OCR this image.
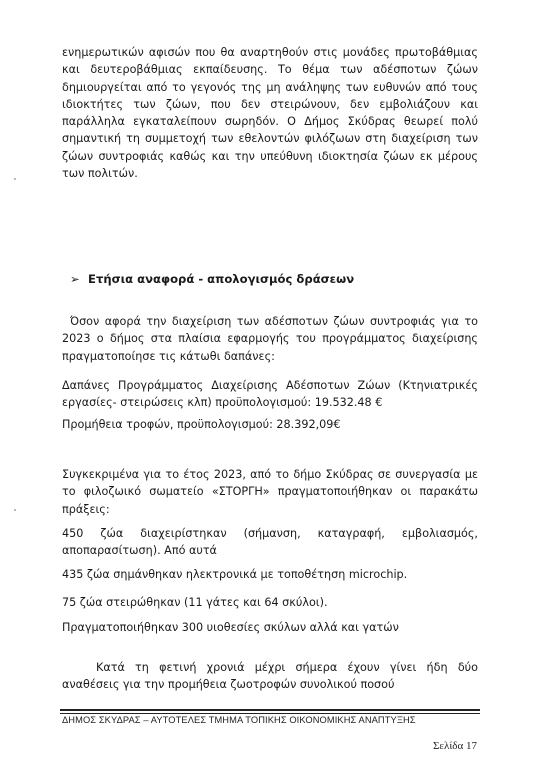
ενημερωτικών αφισών που θα αναρτηθούν στις μονάδες πρωτοβάθμιας και δευτεροβάθμιας εκπαίδευσης. Το θέμα των αδέσποτων ζώων δημιουργείται από το γεγονός της μη ανάληψης των ευθυνών από τους ιδιοκτήτες των ζώων, που δεν στειρώνουν, δεν εμβολιάζουν και παράλληλα εγκαταλείπουν σωρηδόν. Ο Δήμος Σκύδρας θεωρεί πολύ σημαντική τη συμμετοχή των εθελοντών φιλόζωων στη διαχείριση των ζώων συντροφιάς καθώς και την υπεύθυνη ιδιοκτησία ζώων εκ μέρους των πολιτών.

➢ Ετήσια αναφορά - απολογισμός δράσεων

Όσον αφορά την διαχείριση των αδέσποτων ζώων συντροφιάς για το 2023 ο δήμος στα πλαίσια εφαρμογής του προγράμματος διαχείρισης πραγματοποίησε τις κάτωθι δαπάνες:

Δαπάνες Προγράμματος Διαχείρισης Αδέσποτων Ζώων (Κτηνιατρικές εργασίες- στειρώσεις κλπ) προϋπολογισμού: 19.532.48 €

Προμήθεια τροφών, προϋπολογισμού: 28.392,09€

Συγκεκριμένα για το έτος 2023, από το δήμο Σκύδρας σε συνεργασία με το φιλοζωικό σωματείο «ΣΤΟΡΓΗ» πραγματοποιήθηκαν οι παρακάτω πράξεις:

450 ζώα διαχειρίστηκαν (σήμανση, καταγραφή, εμβολιασμός, αποπαρασίτωση). Από αυτά

435 ζώα σημάνθηκαν ηλεκτρονικά με τοποθέτηση microchip.

75 ζώα στειρώθηκαν (11 γάτες και 64 σκύλοι).

Πραγματοποιήθηκαν 300 υιοθεσίες σκύλων αλλά και γατών

Κατά τη φετινή χρονιά μέχρι σήμερα έχουν γίνει ήδη δύο αναθέσεις για την προμήθεια ζωοτροφών συνολικού ποσού

ΔΗΜΟΣ ΣΚΥΔΡΑΣ – ΑΥΤΟΤΕΛΕΣ ΤΜΗΜΑ ΤΟΠΙΚΗΣ ΟΙΚΟΝΟΜΙΚΗΣ ΑΝΑΠΤΥΞΗΣ
Σελίδα 17
